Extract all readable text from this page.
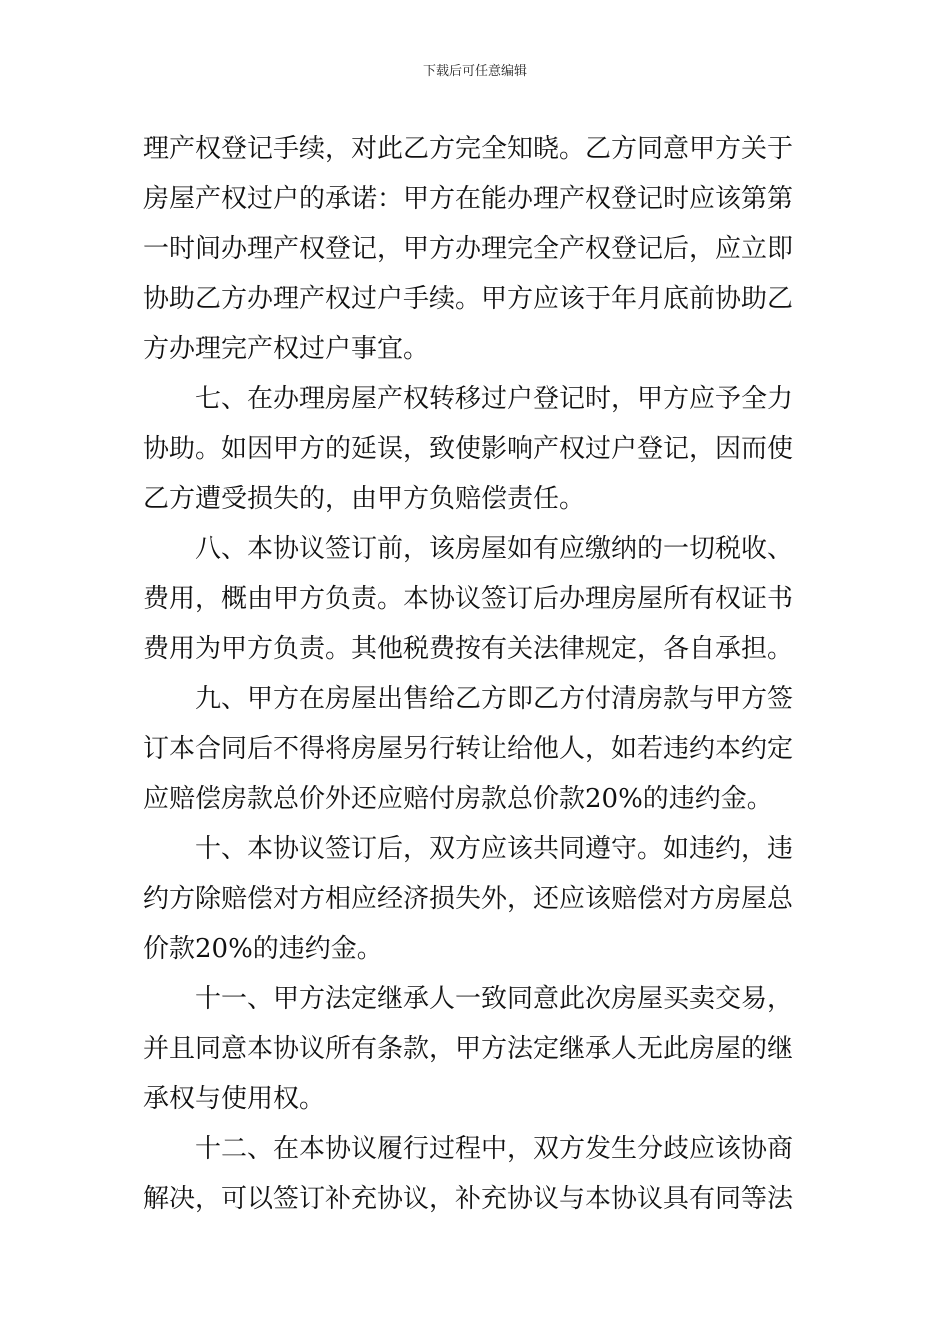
下载后可任意编辑
理产权登记手续，对此乙方完全知晓。乙方同意甲方关于
房屋产权过户的承诺：甲方在能办理产权登记时应该第第
一时间办理产权登记，甲方办理完全产权登记后，应立即
协助乙方办理产权过户手续。甲方应该于年月底前协助乙
方办理完产权过户事宜。
七、在办理房屋产权转移过户登记时，甲方应予全力
协助。如因甲方的延误，致使影响产权过户登记，因而使
乙方遭受损失的，由甲方负赔偿责任。
八、本协议签订前，该房屋如有应缴纳的一切税收、
费用，概由甲方负责。本协议签订后办理房屋所有权证书
费用为甲方负责。其他税费按有关法律规定，各自承担。
九、甲方在房屋出售给乙方即乙方付清房款与甲方签
订本合同后不得将房屋另行转让给他人，如若违约本约定
应赔偿房款总价外还应赔付房款总价款20%的违约金。
十、本协议签订后，双方应该共同遵守。如违约，违
约方除赔偿对方相应经济损失外，还应该赔偿对方房屋总
价款20%的违约金。
十一、甲方法定继承人一致同意此次房屋买卖交易，
并且同意本协议所有条款，甲方法定继承人无此房屋的继
承权与使用权。
十二、在本协议履行过程中，双方发生分歧应该协商
解决，可以签订补充协议，补充协议与本协议具有同等法
